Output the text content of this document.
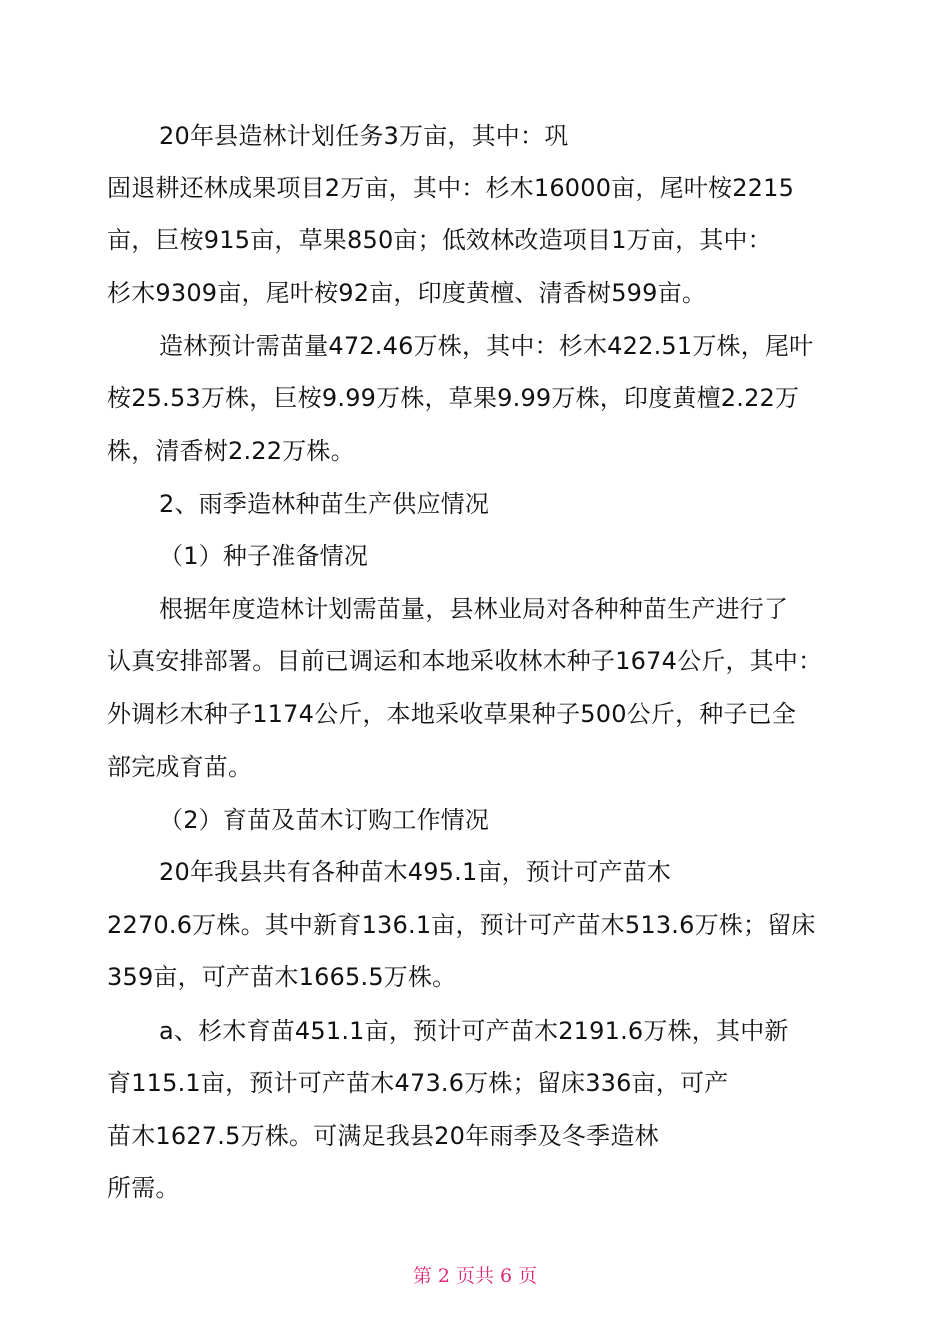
20年县造林计划任务3万亩，其中：巩
固退耕还林成果项目2万亩，其中：杉木16000亩，尾叶桉2215
亩，巨桉915亩，草果850亩；低效林改造项目1万亩，其中：
杉木9309亩，尾叶桉92亩，印度黄檀、清香树599亩。
造林预计需苗量472.46万株，其中：杉木422.51万株，尾叶
桉25.53万株，巨桉9.99万株，草果9.99万株，印度黄檀2.22万
株，清香树2.22万株。
2、雨季造林种苗生产供应情况
（1）种子准备情况
根据年度造林计划需苗量，县林业局对各种种苗生产进行了
认真安排部署。目前已调运和本地采收林木种子1674公斤，其中：
外调杉木种子1174公斤，本地采收草果种子500公斤，种子已全
部完成育苗。
（2）育苗及苗木订购工作情况
20年我县共有各种苗木495.1亩，预计可产苗木
2270.6万株。其中新育136.1亩，预计可产苗木513.6万株；留床
359亩，可产苗木1665.5万株。
a、杉木育苗451.1亩，预计可产苗木2191.6万株，其中新
育115.1亩，预计可产苗木473.6万株；留床336亩，可产
苗木1627.5万株。可满足我县20年雨季及冬季造林
所需。
第 2 页共 6 页
